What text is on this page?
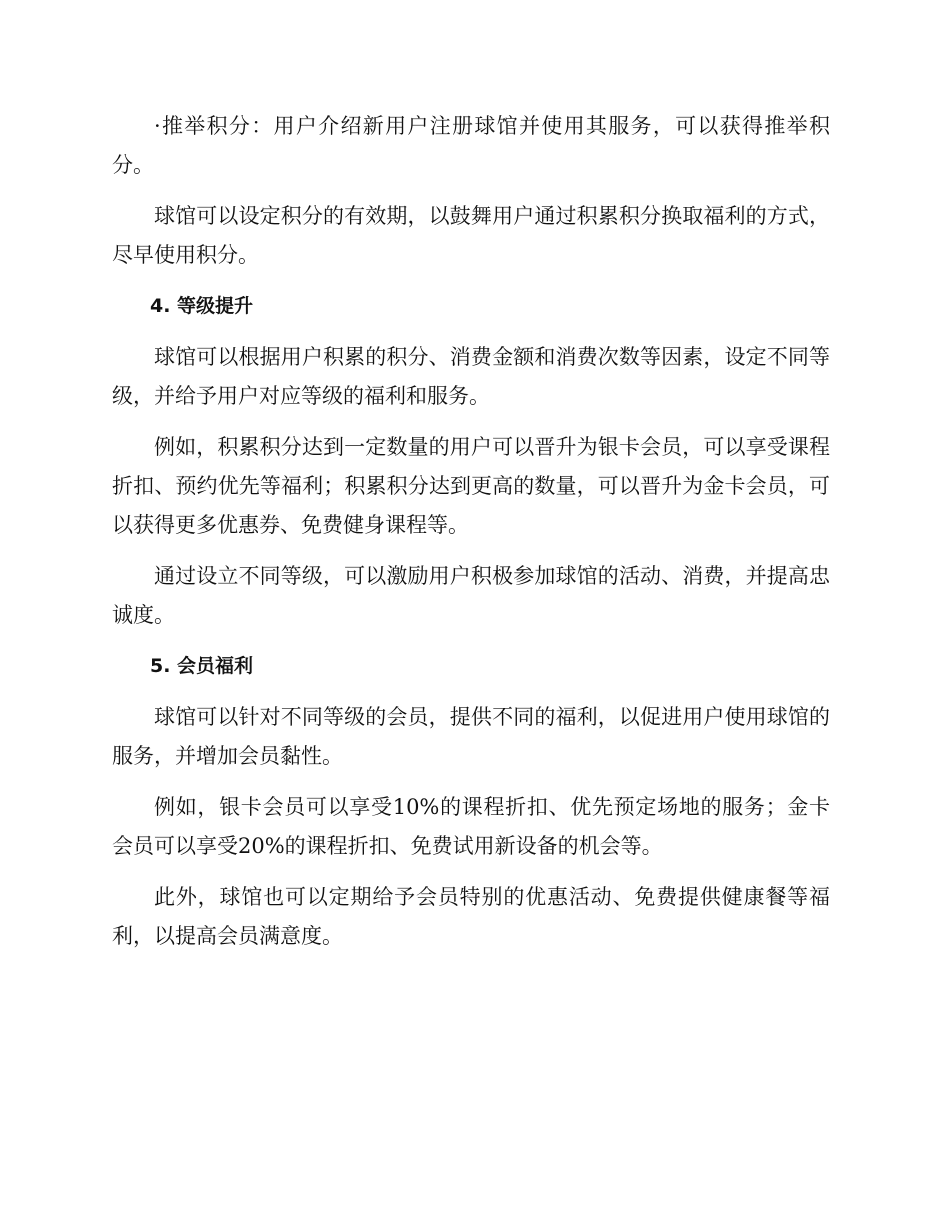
·推举积分：用户介绍新用户注册球馆并使用其服务，可以获得推举积分。

球馆可以设定积分的有效期，以鼓舞用户通过积累积分换取福利的方式，尽早使用积分。

4. 等级提升

球馆可以根据用户积累的积分、消费金额和消费次数等因素，设定不同等级，并给予用户对应等级的福利和服务。

例如，积累积分达到一定数量的用户可以晋升为银卡会员，可以享受课程折扣、预约优先等福利；积累积分达到更高的数量，可以晋升为金卡会员，可以获得更多优惠券、免费健身课程等。

通过设立不同等级，可以激励用户积极参加球馆的活动、消费，并提高忠诚度。

5. 会员福利

球馆可以针对不同等级的会员，提供不同的福利，以促进用户使用球馆的服务，并增加会员黏性。

例如，银卡会员可以享受10%的课程折扣、优先预定场地的服务；金卡会员可以享受20%的课程折扣、免费试用新设备的机会等。

此外，球馆也可以定期给予会员特别的优惠活动、免费提供健康餐等福利，以提高会员满意度。
